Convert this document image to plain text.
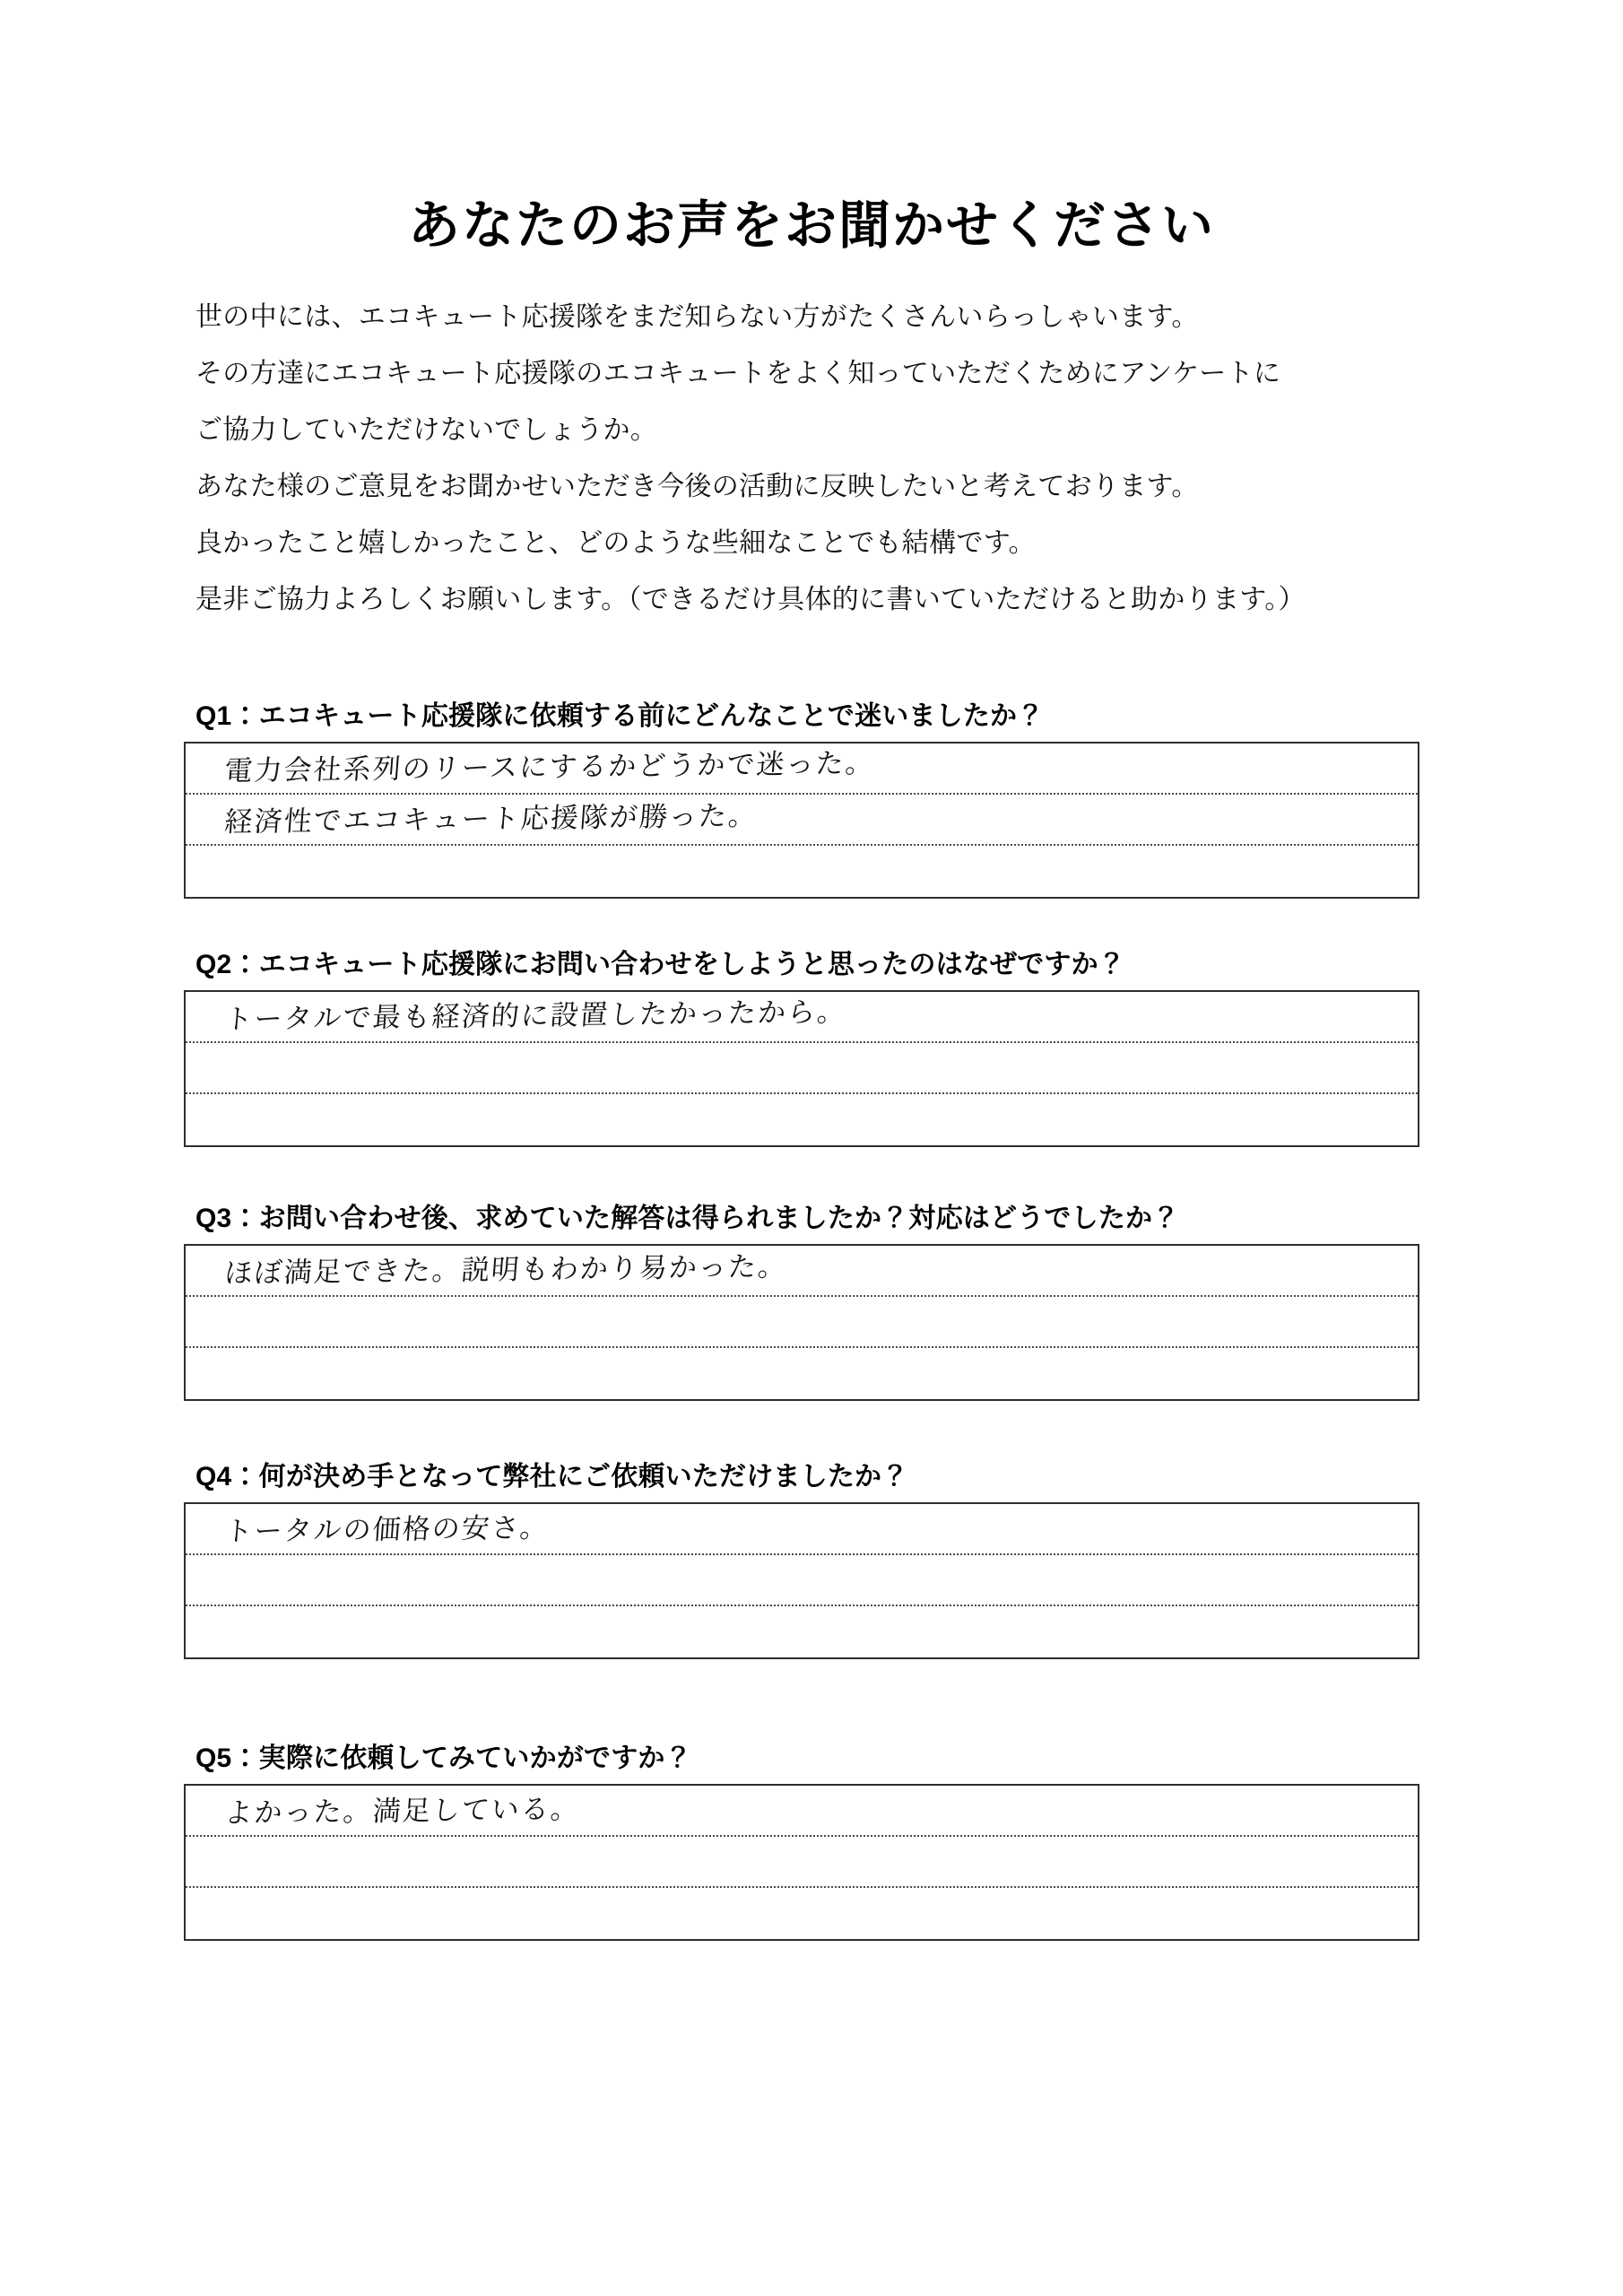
あなたのお声をお聞かせください
世の中には、エコキュート応援隊をまだ知らない方がたくさんいらっしゃいます。
その方達にエコキュート応援隊のエコキュートをよく知っていただくためにアンケートに
ご協力していただけないでしょうか。
あなた様のご意見をお聞かせいただき今後の活動に反映したいと考えております。
良かったこと嬉しかったこと、どのような些細なことでも結構です。
是非ご協力よろしくお願いします。（できるだけ具体的に書いていただけると助かります。）
Q1：エコキュート応援隊に依頼する前にどんなことで迷いましたか？
電力会社系列のリースにするかどうかで迷った。
経済性でエコキュート応援隊が勝った。
Q2：エコキュート応援隊にお問い合わせをしようと思ったのはなぜですか？
トータルで最も経済的に設置したかったから。
Q3：お問い合わせ後、求めていた解答は得られましたか？対応はどうでしたか？
ほぼ満足できた。説明もわかり易かった。
Q4：何が決め手となって弊社にご依頼いただけましたか？
トータルの価格の安さ。
Q5：実際に依頼してみていかがですか？
よかった。満足している。
